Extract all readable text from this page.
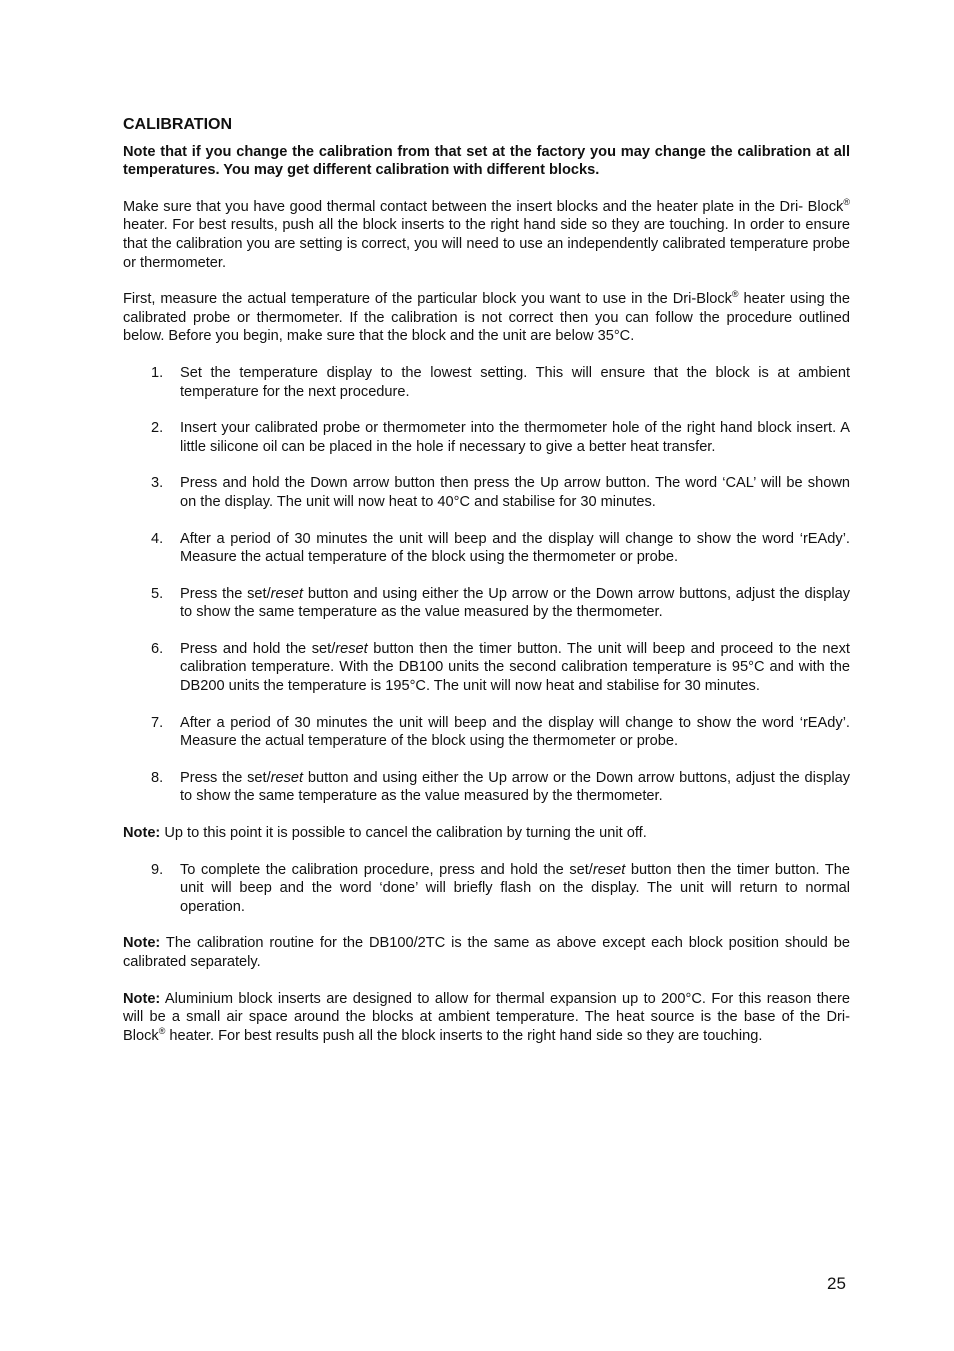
CALIBRATION

Note that if you change the calibration from that set at the factory you may change the calibration at all temperatures. You may get different calibration with different blocks.

Make sure that you have good thermal contact between the insert blocks and the heater plate in the Dri- Block® heater. For best results, push all the block inserts to the right hand side so they are touching. In order to ensure that the calibration you are setting is correct, you will need to use an independently calibrated temperature probe or thermometer.

First, measure the actual temperature of the particular block you want to use in the Dri-Block® heater using the calibrated probe or thermometer. If the calibration is not correct then you can follow the procedure outlined below. Before you begin, make sure that the block and the unit are below 35°C.

1. Set the temperature display to the lowest setting. This will ensure that the block is at ambient temperature for the next procedure.
2. Insert your calibrated probe or thermometer into the thermometer hole of the right hand block insert. A little silicone oil can be placed in the hole if necessary to give a better heat transfer.
3. Press and hold the Down arrow button then press the Up arrow button. The word ‘CAL’ will be shown on the display. The unit will now heat to 40°C and stabilise for 30 minutes.
4. After a period of 30 minutes the unit will beep and the display will change to show the word ‘rEAdy’. Measure the actual temperature of the block using the thermometer or probe.
5. Press the set/reset button and using either the Up arrow or the Down arrow buttons, adjust the display to show the same temperature as the value measured by the thermometer.
6. Press and hold the set/reset button then the timer button. The unit will beep and proceed to the next calibration temperature. With the DB100 units the second calibration temperature is 95°C and with the DB200 units the temperature is 195°C. The unit will now heat and stabilise for 30 minutes.
7. After a period of 30 minutes the unit will beep and the display will change to show the word ‘rEAdy’. Measure the actual temperature of the block using the thermometer or probe.
8. Press the set/reset button and using either the Up arrow or the Down arrow buttons, adjust the display to show the same temperature as the value measured by the thermometer.

Note: Up to this point it is possible to cancel the calibration by turning the unit off.

9. To complete the calibration procedure, press and hold the set/reset button then the timer button. The unit will beep and the word ‘done’ will briefly flash on the display. The unit will return to normal operation.

Note: The calibration routine for the DB100/2TC is the same as above except each block position should be calibrated separately.

Note: Aluminium block inserts are designed to allow for thermal expansion up to 200°C. For this reason there will be a small air space around the blocks at ambient temperature. The heat source is the base of the Dri- Block® heater. For best results push all the block inserts to the right hand side so they are touching.

25
